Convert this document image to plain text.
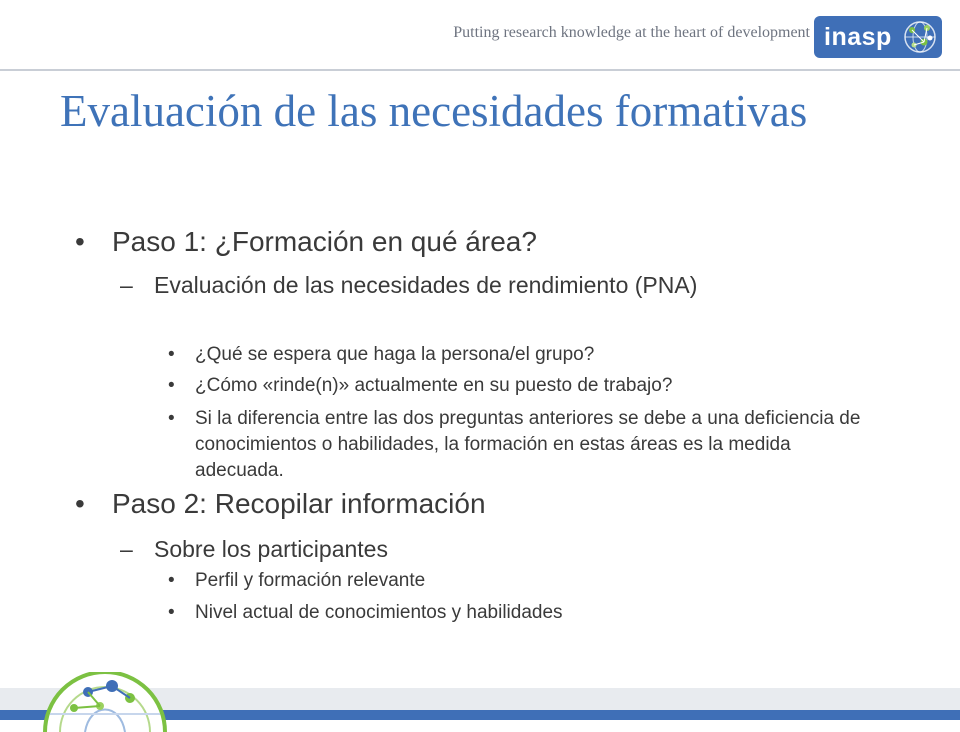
Putting research knowledge at the heart of development inasp
Evaluación de las necesidades formativas
• Paso 1: ¿Formación en qué área?
– Evaluación de las necesidades de rendimiento (PNA)
•	¿Qué se espera que haga la persona/el grupo?
•	¿Cómo «rinde(n)» actualmente en su puesto de trabajo?
•	Si la diferencia entre las dos preguntas anteriores se debe a una deficiencia de conocimientos o habilidades, la formación en estas áreas es la medida adecuada.
• Paso 2: Recopilar información
– Sobre los participantes
•	Perfil y formación relevante
•	Nivel actual de conocimientos y habilidades
